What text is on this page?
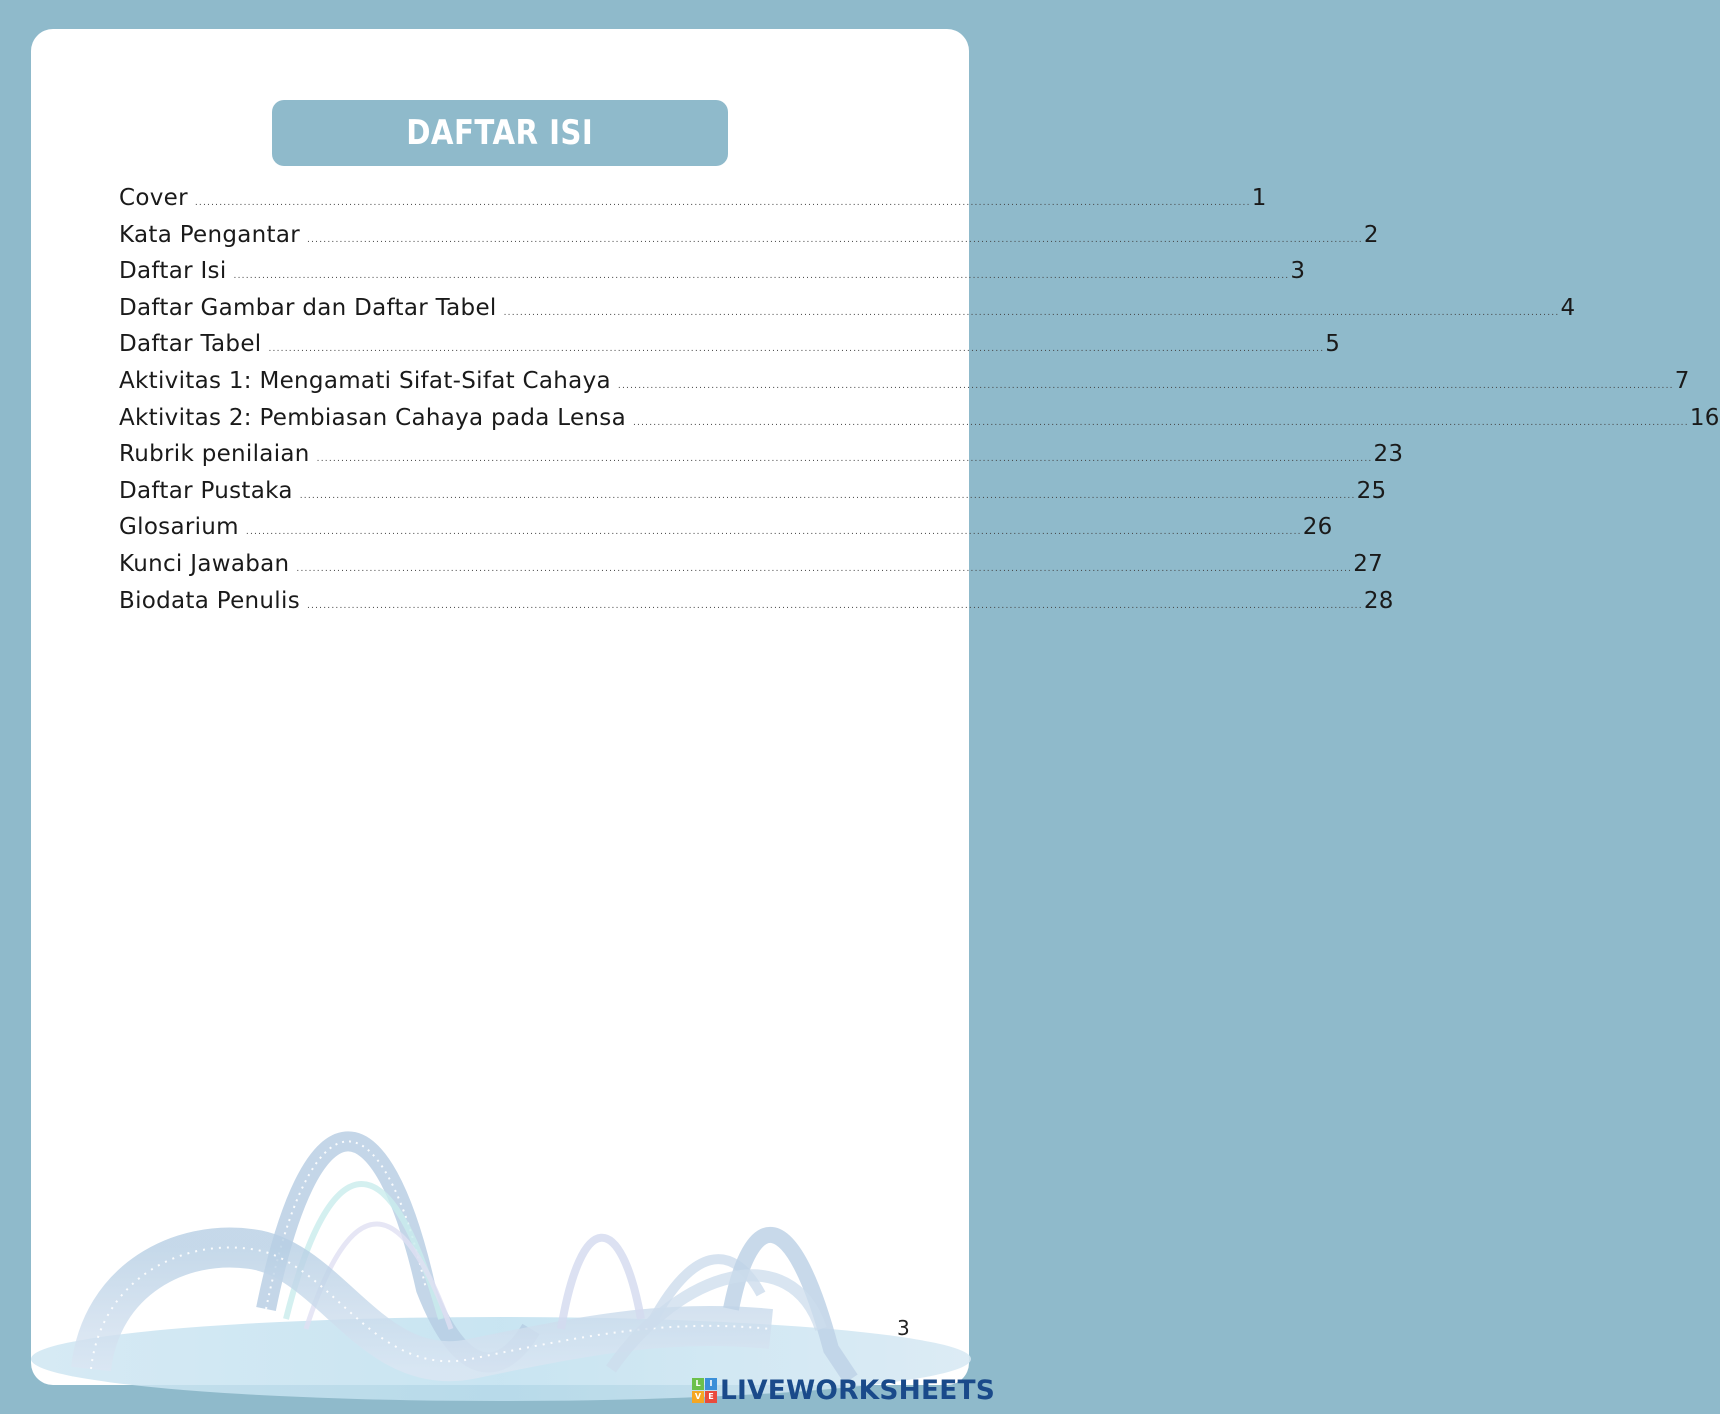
DAFTAR ISI
Cover .................................................................................................................................................................................................................................................................... 1
Kata Pengantar .................................................................................................................................................................................................................................................................... 2
Daftar Isi .................................................................................................................................................................................................................................................................... 3
Daftar Gambar dan Daftar Tabel .................................................................................................................................................................................................................................................................... 4
Daftar Tabel .................................................................................................................................................................................................................................................................... 5
Aktivitas 1: Mengamati Sifat-Sifat Cahaya .................................................................................................................................................................................................................................................................... 7
Aktivitas 2: Pembiasan Cahaya pada Lensa .................................................................................................................................................................................................................................................................... 16
Rubrik penilaian .................................................................................................................................................................................................................................................................... 23
Daftar Pustaka .................................................................................................................................................................................................................................................................... 25
Glosarium .................................................................................................................................................................................................................................................................... 26
Kunci Jawaban .................................................................................................................................................................................................................................................................... 27
Biodata Penulis .................................................................................................................................................................................................................................................................... 28
3
L	I
V E LIVEWORKSHEETS
